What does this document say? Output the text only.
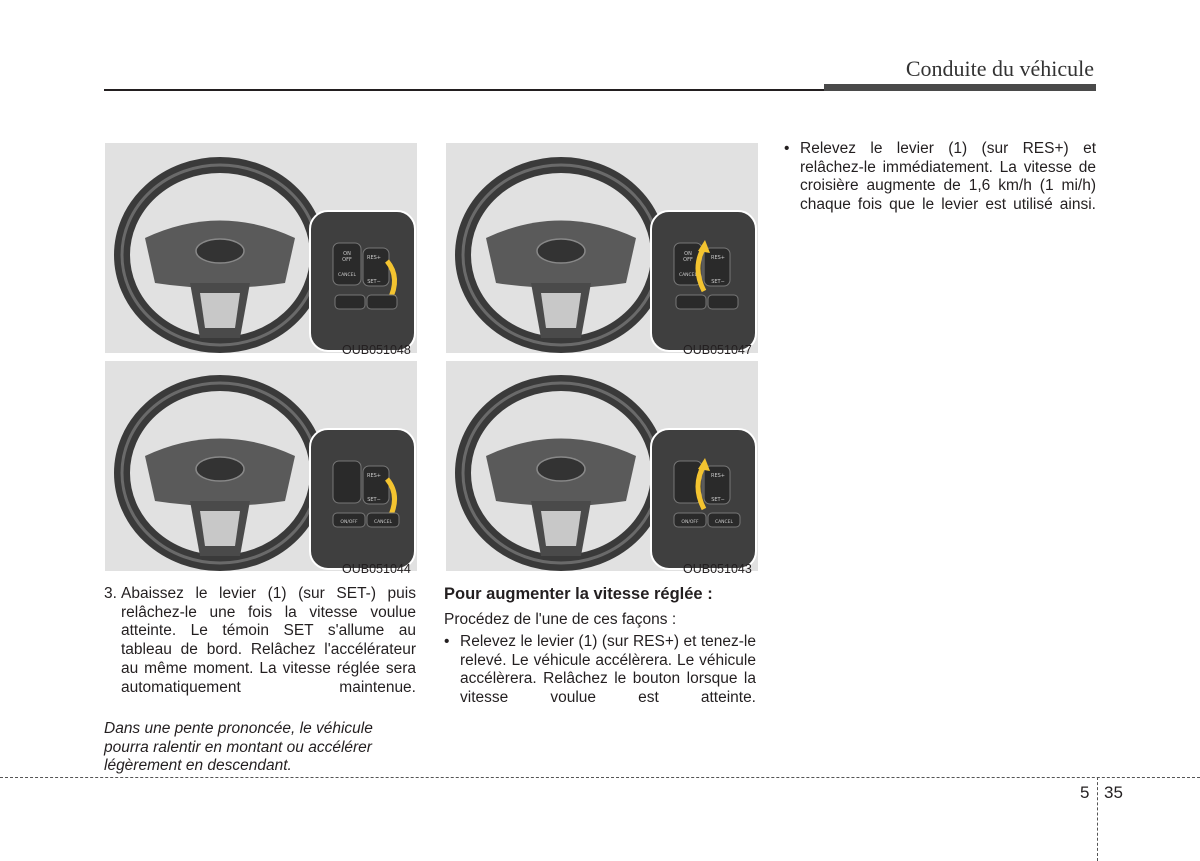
Conduite du véhicule
ON
OFF
CANCEL
RES+
SET−
OUB051048
RES+
SET−
ON/OFF	CANCEL
OUB051044
ON
OFF
CANCEL
RES+
SET−
OUB051047
RES+
SET−
ON/OFF	CANCEL
OUB051043
3. Abaissez le levier (1) (sur SET-) puis relâchez-le une fois la vitesse voulue atteinte. Le témoin SET s'allume au tableau de bord. Relâchez l'accélérateur au même moment. La vitesse réglée sera automatiquement maintenue.
Dans une pente prononcée, le véhicule pourra ralentir en montant ou accélérer légèrement en descendant.
Pour augmenter la vitesse réglée :
Procédez de l'une de ces façons :
• Relevez le levier (1) (sur RES+) et tenez-le relevé. Le véhicule accélèrera. Le véhicule accélèrera. Relâchez le bouton lorsque la vitesse voulue est atteinte.
• Relevez le levier (1) (sur RES+) et relâchez-le immédiatement. La vitesse de croisière augmente de 1,6 km/h (1 mi/h) chaque fois que le levier est utilisé ainsi.
5 35
